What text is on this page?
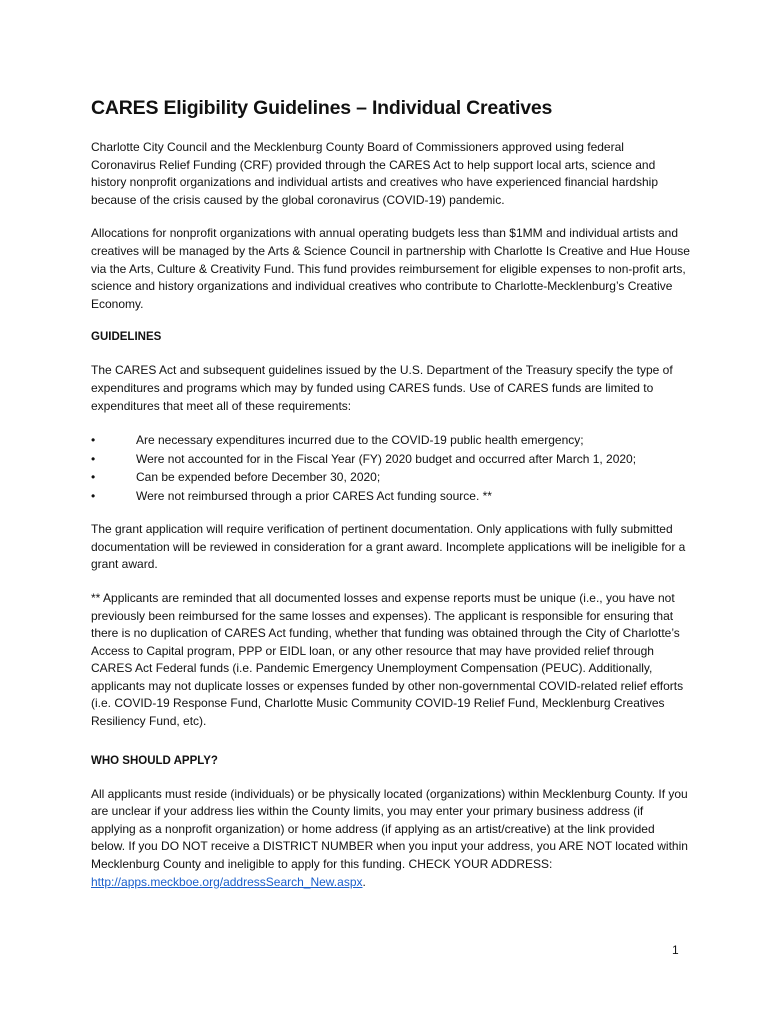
CARES Eligibility Guidelines – Individual Creatives

Charlotte City Council and the Mecklenburg County Board of Commissioners approved using federal Coronavirus Relief Funding (CRF) provided through the CARES Act to help support local arts, science and history nonprofit organizations and individual artists and creatives who have experienced financial hardship because of the crisis caused by the global coronavirus (COVID-19) pandemic.

Allocations for nonprofit organizations with annual operating budgets less than $1MM and individual artists and creatives will be managed by the Arts & Science Council in partnership with Charlotte Is Creative and Hue House via the Arts, Culture & Creativity Fund. This fund provides reimbursement for eligible expenses to non-profit arts, science and history organizations and individual creatives who contribute to Charlotte-Mecklenburg’s Creative Economy.

GUIDELINES

The CARES Act and subsequent guidelines issued by the U.S. Department of the Treasury specify the type of expenditures and programs which may by funded using CARES funds. Use of CARES funds are limited to expenditures that meet all of these requirements:

•	Are necessary expenditures incurred due to the COVID-19 public health emergency;
•	Were not accounted for in the Fiscal Year (FY) 2020 budget and occurred after March 1, 2020;
•	Can be expended before December 30, 2020;
•	Were not reimbursed through a prior CARES Act funding source. **

The grant application will require verification of pertinent documentation. Only applications with fully submitted documentation will be reviewed in consideration for a grant award. Incomplete applications will be ineligible for a grant award.

** Applicants are reminded that all documented losses and expense reports must be unique (i.e., you have not previously been reimbursed for the same losses and expenses). The applicant is responsible for ensuring that there is no duplication of CARES Act funding, whether that funding was obtained through the City of Charlotte’s Access to Capital program, PPP or EIDL loan, or any other resource that may have provided relief through CARES Act Federal funds (i.e. Pandemic Emergency Unemployment Compensation (PEUC). Additionally, applicants may not duplicate losses or expenses funded by other non-governmental COVID-related relief efforts (i.e. COVID-19 Response Fund, Charlotte Music Community COVID-19 Relief Fund, Mecklenburg Creatives Resiliency Fund, etc).

WHO SHOULD APPLY?

All applicants must reside (individuals) or be physically located (organizations) within Mecklenburg County. If you are unclear if your address lies within the County limits, you may enter your primary business address (if applying as a nonprofit organization) or home address (if applying as an artist/creative) at the link provided below. If you DO NOT receive a DISTRICT NUMBER when you input your address, you ARE NOT located within Mecklenburg County and ineligible to apply for this funding. CHECK YOUR ADDRESS: http://apps.meckboe.org/addressSearch_New.aspx.

1
